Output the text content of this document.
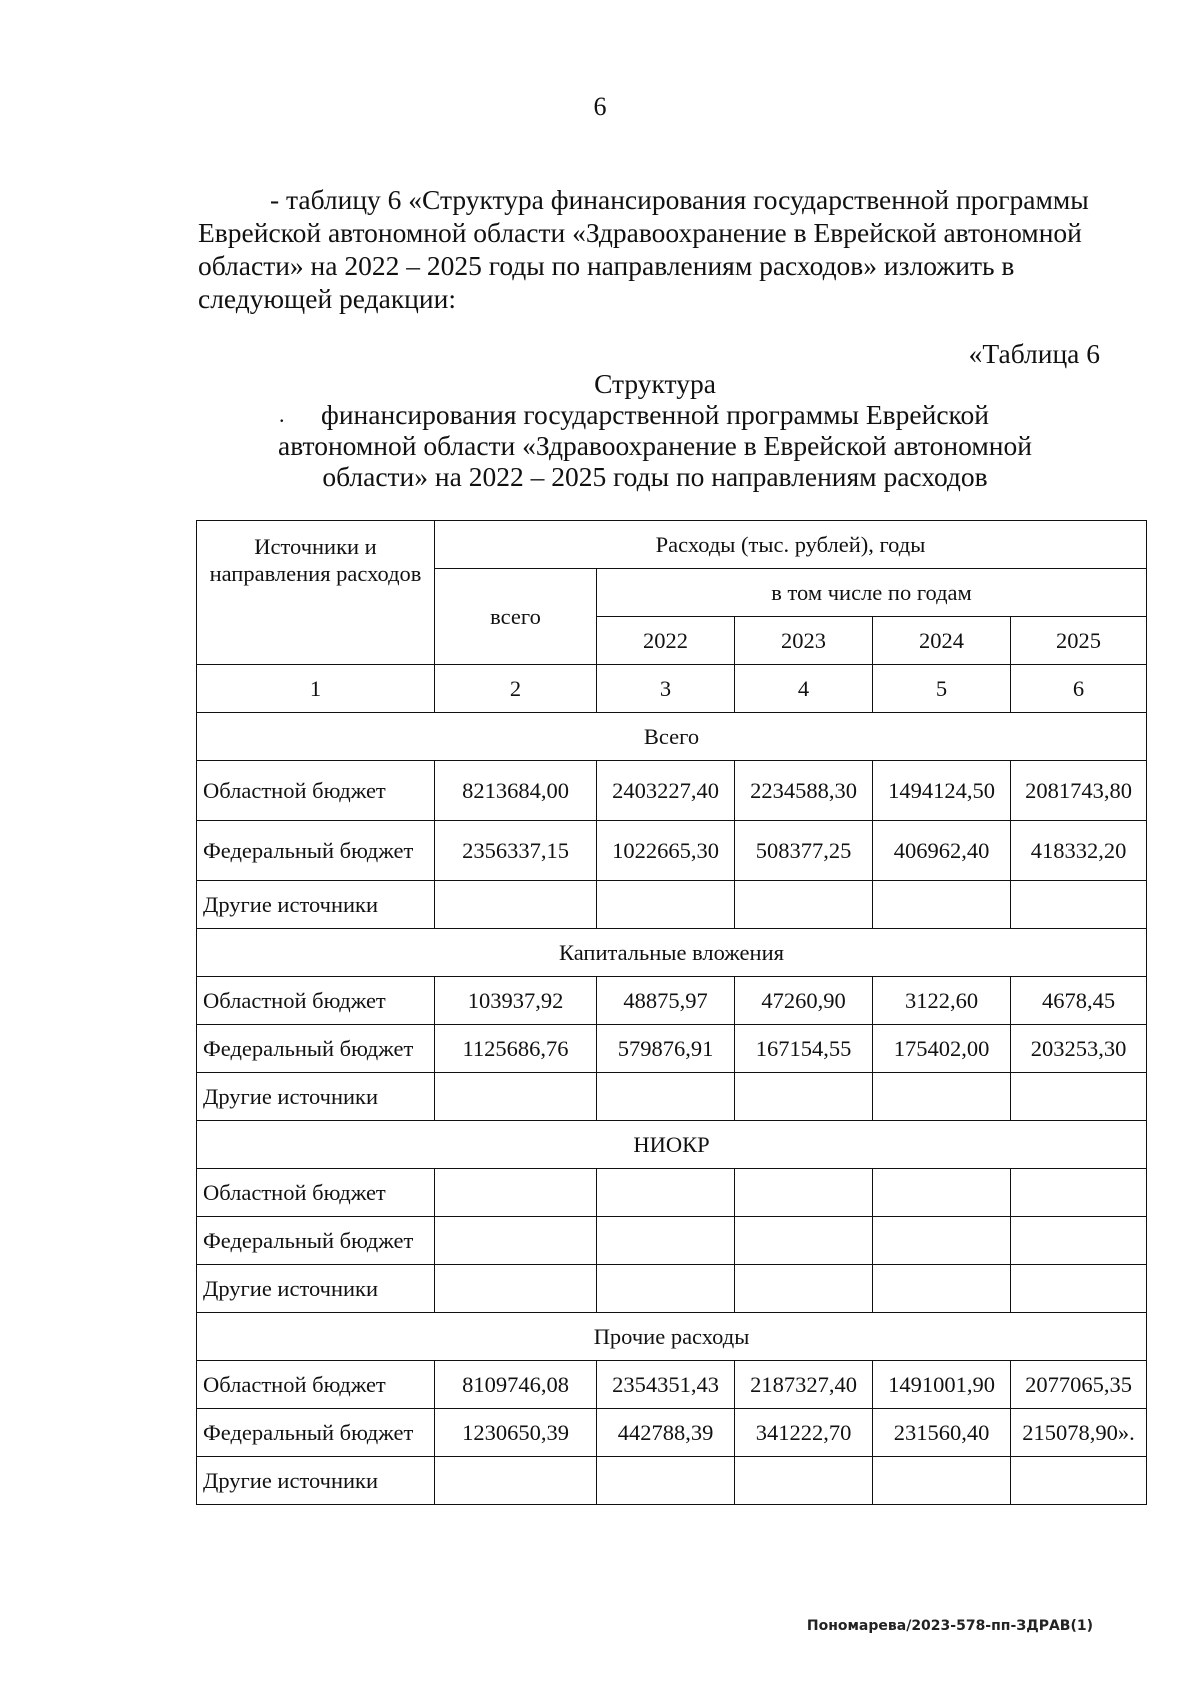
6
- таблицу 6 «Структура финансирования государственной программы
Еврейской автономной области «Здравоохранение в Еврейской автономной
области» на 2022 – 2025 годы по направлениям расходов» изложить в
следующей редакции:
«Таблица 6
.
Структура
финансирования государственной программы Еврейской
автономной области «Здравоохранение в Еврейской автономной
области» на 2022 – 2025 годы по направлениям расходов
Источники и направления расходов	Расходы (тыс. рублей), годы				
	всего	в том числе по годам			
		2022	2023	2024	2025
1	2	3	4	5	6
Всего					
Областной бюджет	8213684,00	2403227,40	2234588,30	1494124,50	2081743,80
Федеральный бюджет	2356337,15	1022665,30	508377,25	406962,40	418332,20
Другие источники					
Капитальные вложения					
Областной бюджет	103937,92	48875,97	47260,90	3122,60	4678,45
Федеральный бюджет	1125686,76	579876,91	167154,55	175402,00	203253,30
Другие источники					
НИОКР					
Областной бюджет					
Федеральный бюджет					
Другие источники					
Прочие расходы					
Областной бюджет	8109746,08	2354351,43	2187327,40	1491001,90	2077065,35
Федеральный бюджет	1230650,39	442788,39	341222,70	231560,40	215078,90».
Другие источники					
Пономарева/2023-578-пп-ЗДРАВ(1)
